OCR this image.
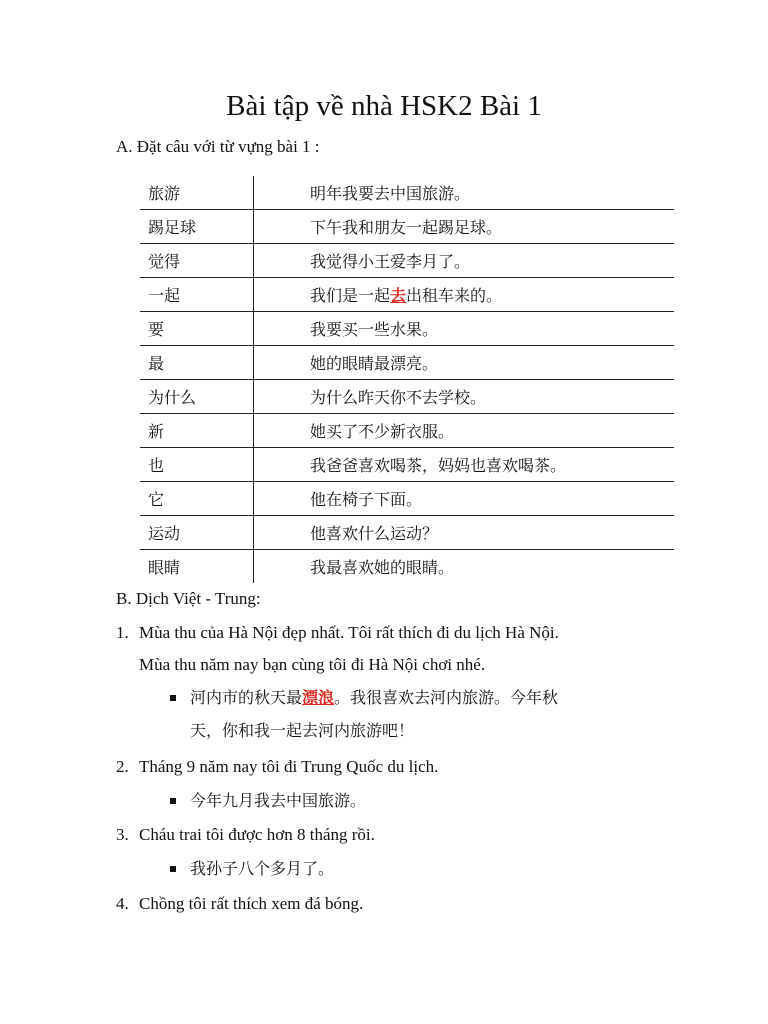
Bài tập về nhà HSK2 Bài 1
A. Đặt câu với từ vựng bài 1 :
旅游	明年我要去中国旅游。
踢足球	下午我和朋友一起踢足球。
觉得	我觉得小王爱李月了。
一起	我们是一起去出租车来的。
要	我要买一些水果。
最	她的眼睛最漂亮。
为什么	为什么昨天你不去学校。
新	她买了不少新衣服。
也	我爸爸喜欢喝茶，妈妈也喜欢喝茶。
它	他在椅子下面。
运动	他喜欢什么运动？
眼睛	我最喜欢她的眼睛。
B. Dịch Việt - Trung:
1. Mùa thu của Hà Nội đẹp nhất. Tôi rất thích đi du lịch Hà Nội.
Mùa thu năm nay bạn cùng tôi đi Hà Nội chơi nhé.
河内市的秋天最漂浪。我很喜欢去河内旅游。今年秋
天，你和我一起去河内旅游吧！
2. Tháng 9 năm nay tôi đi Trung Quốc du lịch.
今年九月我去中国旅游。
3. Cháu trai tôi được hơn 8 tháng rồi.
我孙子八个多月了。
4. Chồng tôi rất thích xem đá bóng.
